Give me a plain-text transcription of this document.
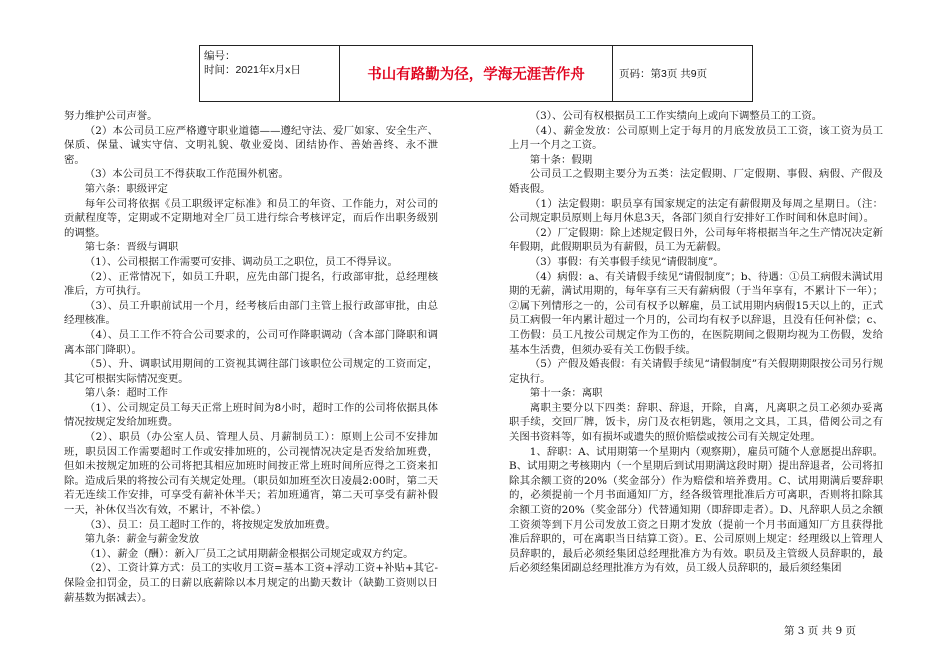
编号：
时间：2021年x月x日	书山有路勤为径，学海无涯苦作舟	页码：第3页 共9页

努力维护公司声誉。

（2）本公司员工应严格遵守职业道德——遵纪守法、爱厂如家、安全生产、保质、保量、诚实守信、文明礼貌、敬业爱岗、团结协作、善始善终、永不泄密。

（3）本公司员工不得获取工作范围外机密。

第六条：职级评定

每年公司将依据《员工职级评定标准》和员工的年资、工作能力，对公司的贡献程度等，定期或不定期地对全厂员工进行综合考核评定，而后作出职务级别的调整。

第七条：晋级与调职

（1）、公司根据工作需要可安排、调动员工之职位，员工不得异议。

（2）、正常情况下，如员工升职，应先由部门提名，行政部审批，总经理核准后，方可执行。

（3）、员工升职前试用一个月，经考核后由部门主管上报行政部审批，由总经理核准。

（4）、员工工作不符合公司要求的，公司可作降职调动（含本部门降职和调离本部门降职）。

（5）、升、调职试用期间的工资视其调往部门该职位公司规定的工资而定，其它可根据实际情况变更。

第八条：超时工作

（1）、公司规定员工每天正常上班时间为8小时，超时工作的公司将依据具体情况按规定发给加班费。

（2）、职员（办公室人员、管理人员、月薪制员工）：原则上公司不安排加班，职员因工作需要超时工作或安排加班的，公司视情况决定是否发给加班费，但如未按规定加班的公司将把其相应加班时间按正常上班时间所应得之工资来扣除。造成后果的将按公司有关规定处理。（职员如加班至次日凌晨2:00时，第二天若无连续工作安排，可享受有薪补休半天；若加班通宵，第二天可享受有薪补假一天，补休仅当次有效，不累计，不补偿。）

（3）、员工：员工超时工作的，将按规定发放加班费。

第九条：薪金与薪金发放

（1）、薪金（酬）：新入厂员工之试用期薪金根据公司规定或双方约定。

（2）、工资计算方式：员工的实收月工资=基本工资+浮动工资+补贴+其它-保险金扣罚金，员工的日薪以底薪除以本月规定的出勤天数计（缺勤工资则以日薪基数为据减去）。

（3）、公司有权根据员工工作实绩向上或向下调整员工的工资。

（4）、薪金发放：公司原则上定于每月的月底发放员工工资，该工资为员工上月一个月之工资。

第十条：假期

公司员工之假期主要分为五类：法定假期、厂定假期、事假、病假、产假及婚丧假。

（1）法定假期：职员享有国家规定的法定有薪假期及每周之星期日。（注：公司规定职员原则上每月休息3天，各部门须自行安排好工作时间和休息时间）。

（2）厂定假期：除上述规定假日外，公司每年将根据当年之生产情况决定新年假期，此假期职员为有薪假，员工为无薪假。

（3）事假：有关事假手续见“请假制度”。

（4）病假：a、有关请假手续见“请假制度”；b、待遇：①员工病假未满试用期的无薪，满试用期的，每年享有三天有薪病假（于当年享有，不累计下一年）；②属下列情形之一的，公司有权予以解雇，员工试用期内病假15天以上的，正式员工病假一年内累计超过一个月的，公司均有权予以辞退，且没有任何补偿；c、工伤假：员工凡按公司规定作为工伤的，在医院期间之假期均视为工伤假，发给基本生活费，但须办妥有关工伤假手续。

（5）产假及婚丧假：有关请假手续见“请假制度”有关假期期限按公司另行规定执行。

第十一条：离职

离职主要分以下四类：辞职、辞退，开除，自离，凡离职之员工必须办妥离职手续，交回厂牌，饭卡，房门及衣柜钥匙，领用之文具，工具，借阅公司之有关图书资料等，如有损坏或遗失的照价赔偿或按公司有关规定处理。

1、辞职：A、试用期第一个星期内（观察期），雇员可随个人意愿提出辞职。B、试用期之考核期内（一个星期后到试用期满这段时期）提出辞退者，公司将扣除其余额工资的20%（奖金部分）作为赔偿和培养费用。C、试用期满后要辞职的，必须提前一个月书面通知厂方，经各级管理批准后方可离职，否则将扣除其余额工资的20%（奖金部分）代替通知期（即辞即走者）。D、凡辞职人员之余额工资须等到下月公司发放工资之日期才发放（提前一个月书面通知厂方且获得批准后辞职的，可在离职当日结算工资）。E、公司原则上规定：经理级以上管理人员辞职的，最后必须经集团总经理批准方为有效。职员及主管级人员辞职的，最后必须经集团副总经理批准方为有效，员工级人员辞职的，最后须经集团

第 3 页 共 9 页
